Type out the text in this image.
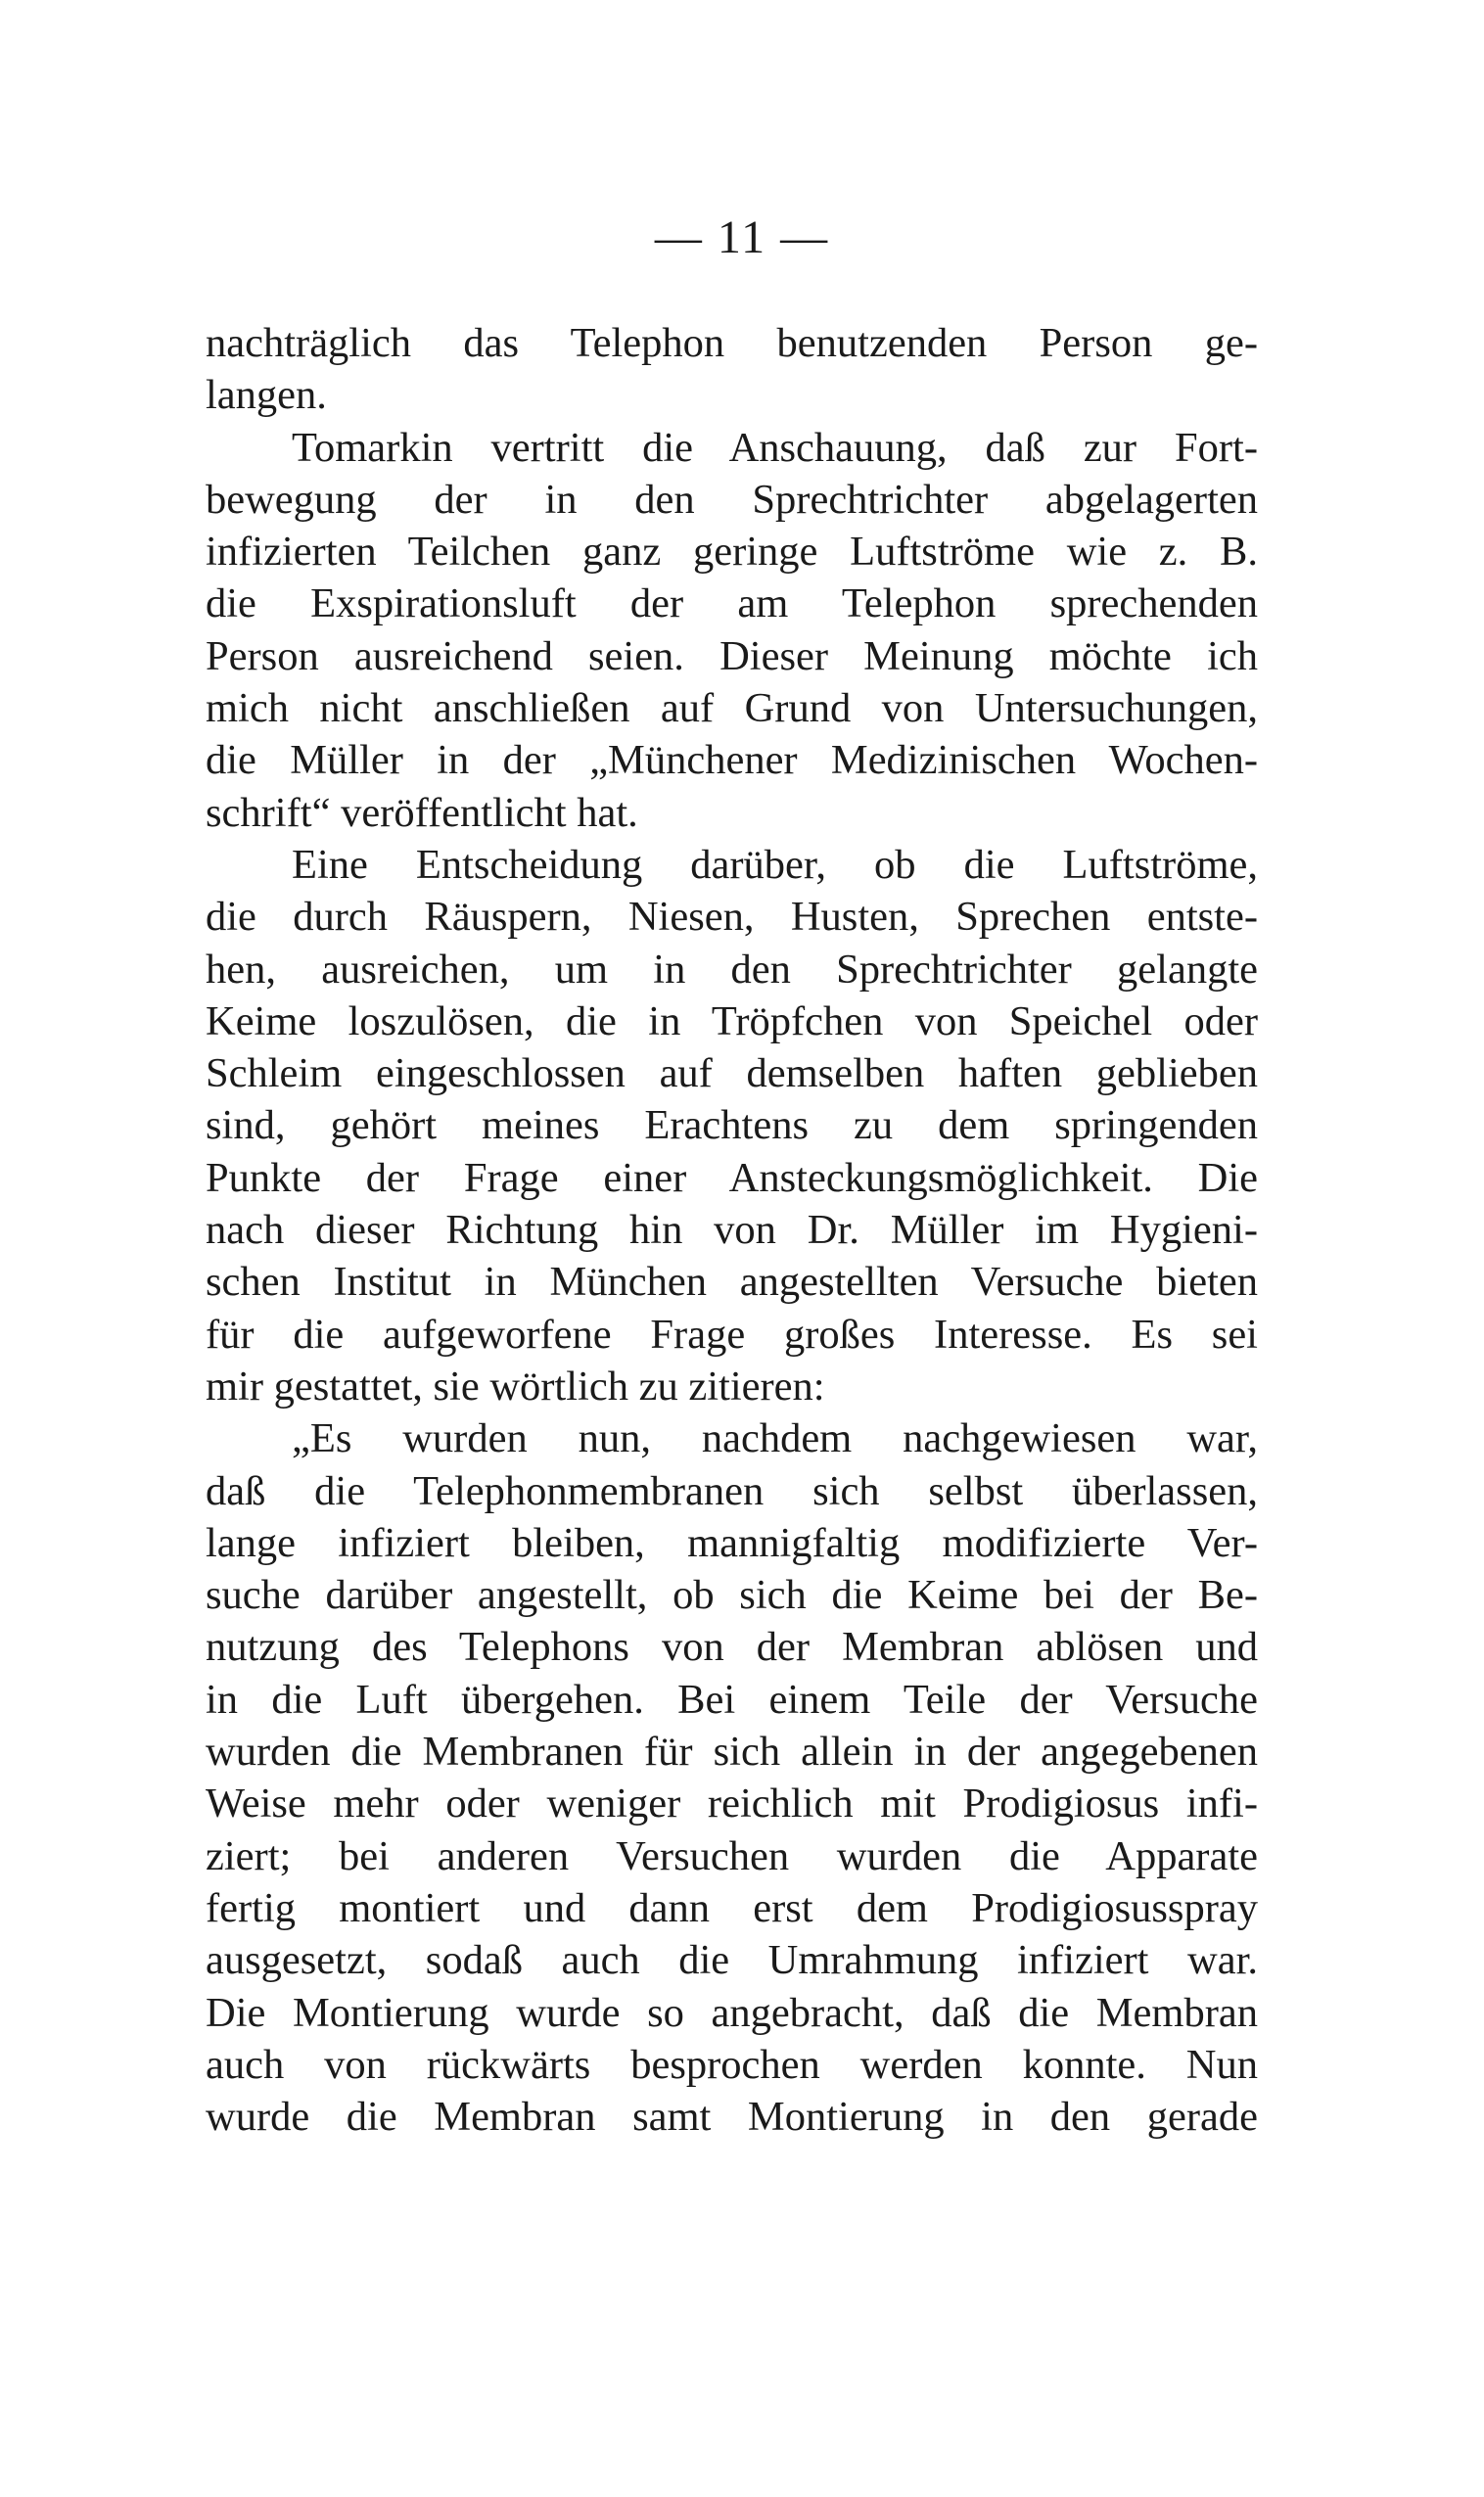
— 11 —
nachträglich das Telephon benutzenden Person ge-
langen.
Tomarkin vertritt die Anschauung, daß zur Fort-
bewegung der in den Sprechtrichter abgelagerten
infizierten Teilchen ganz geringe Luftströme wie z. B.
die Exspirationsluft der am Telephon sprechenden
Person ausreichend seien. Dieser Meinung möchte ich
mich nicht anschließen auf Grund von Untersuchungen,
die Müller in der „Münchener Medizinischen Wochen-
schrift“ veröffentlicht hat.
Eine Entscheidung darüber, ob die Luftströme,
die durch Räuspern, Niesen, Husten, Sprechen entste-
hen, ausreichen, um in den Sprechtrichter gelangte
Keime loszulösen, die in Tröpfchen von Speichel oder
Schleim eingeschlossen auf demselben haften geblieben
sind, gehört meines Erachtens zu dem springenden
Punkte der Frage einer Ansteckungsmöglichkeit. Die
nach dieser Richtung hin von Dr. Müller im Hygieni-
schen Institut in München angestellten Versuche bieten
für die aufgeworfene Frage großes Interesse. Es sei
mir gestattet, sie wörtlich zu zitieren:
„Es wurden nun, nachdem nachgewiesen war,
daß die Telephonmembranen sich selbst überlassen,
lange infiziert bleiben, mannigfaltig modifizierte Ver-
suche darüber angestellt, ob sich die Keime bei der Be-
nutzung des Telephons von der Membran ablösen und
in die Luft übergehen. Bei einem Teile der Versuche
wurden die Membranen für sich allein in der angegebenen
Weise mehr oder weniger reichlich mit Prodigiosus infi-
ziert; bei anderen Versuchen wurden die Apparate
fertig montiert und dann erst dem Prodigiosusspray
ausgesetzt, sodaß auch die Umrahmung infiziert war.
Die Montierung wurde so angebracht, daß die Membran
auch von rückwärts besprochen werden konnte. Nun
wurde die Membran samt Montierung in den gerade
